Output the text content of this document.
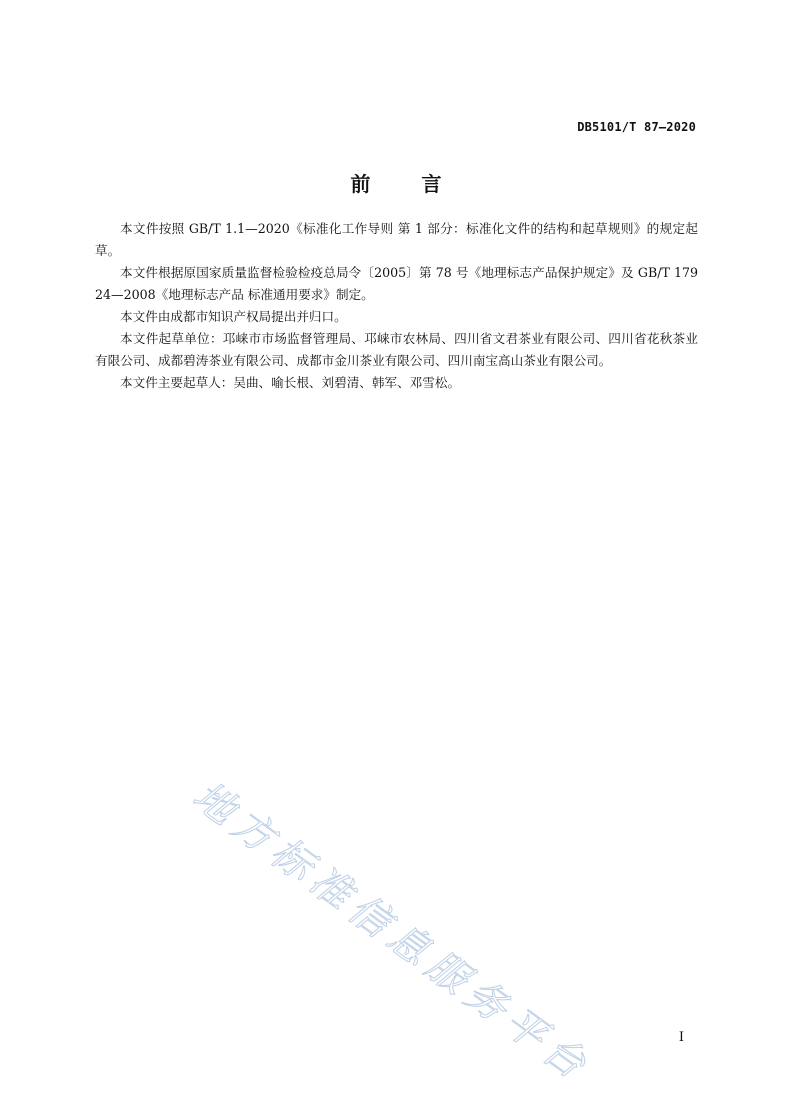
DB5101/T 87—2020
前 言

本文件按照 GB/T 1.1—2020《标准化工作导则 第 1 部分：标准化文件的结构和起草规则》的规定起草。

本文件根据原国家质量监督检验检疫总局令〔2005〕第 78 号《地理标志产品保护规定》及 GB/T 17924—2008《地理标志产品 标准通用要求》制定。

本文件由成都市知识产权局提出并归口。

本文件起草单位：邛崃市市场监督管理局、邛崃市农林局、四川省文君茶业有限公司、四川省花秋茶业有限公司、成都碧涛茶业有限公司、成都市金川茶业有限公司、四川南宝高山茶业有限公司。

本文件主要起草人：吴曲、喻长根、刘碧清、韩军、邓雪松。

地方标准信息服务平台	I
